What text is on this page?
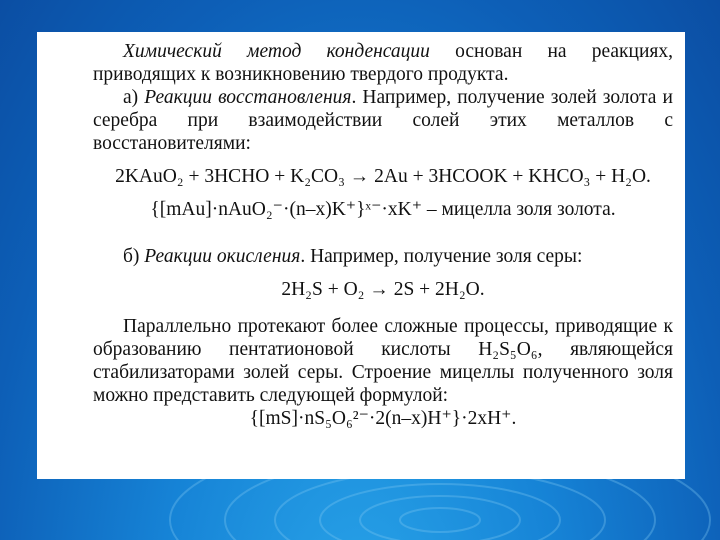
Химический метод конденсации основан на реакциях, приводящих к возникновению твердого продукта.

а) Реакции восстановления. Например, получение золей золота и серебра при взаимодействии солей этих металлов с восстановителями:

2KAuO₂ + 3HCHO + K₂CO₃ → 2Au + 3HCOOK + KHCO₃ + H₂O.

{[mAu]·nAuO₂⁻·(n–x)K⁺}ˣ⁻·xK⁺ – мицелла золя золота.

б) Реакции окисления. Например, получение золя серы:

2H₂S + O₂ → 2S + 2H₂O.

Параллельно протекают более сложные процессы, приводящие к образованию пентатионовой кислоты H₂S₅O₆, являющейся стабилизаторами золей серы. Строение мицеллы полученного золя можно представить следующей формулой:

{[mS]·nS₅O₆²⁻·2(n–x)H⁺}·2xH⁺.
